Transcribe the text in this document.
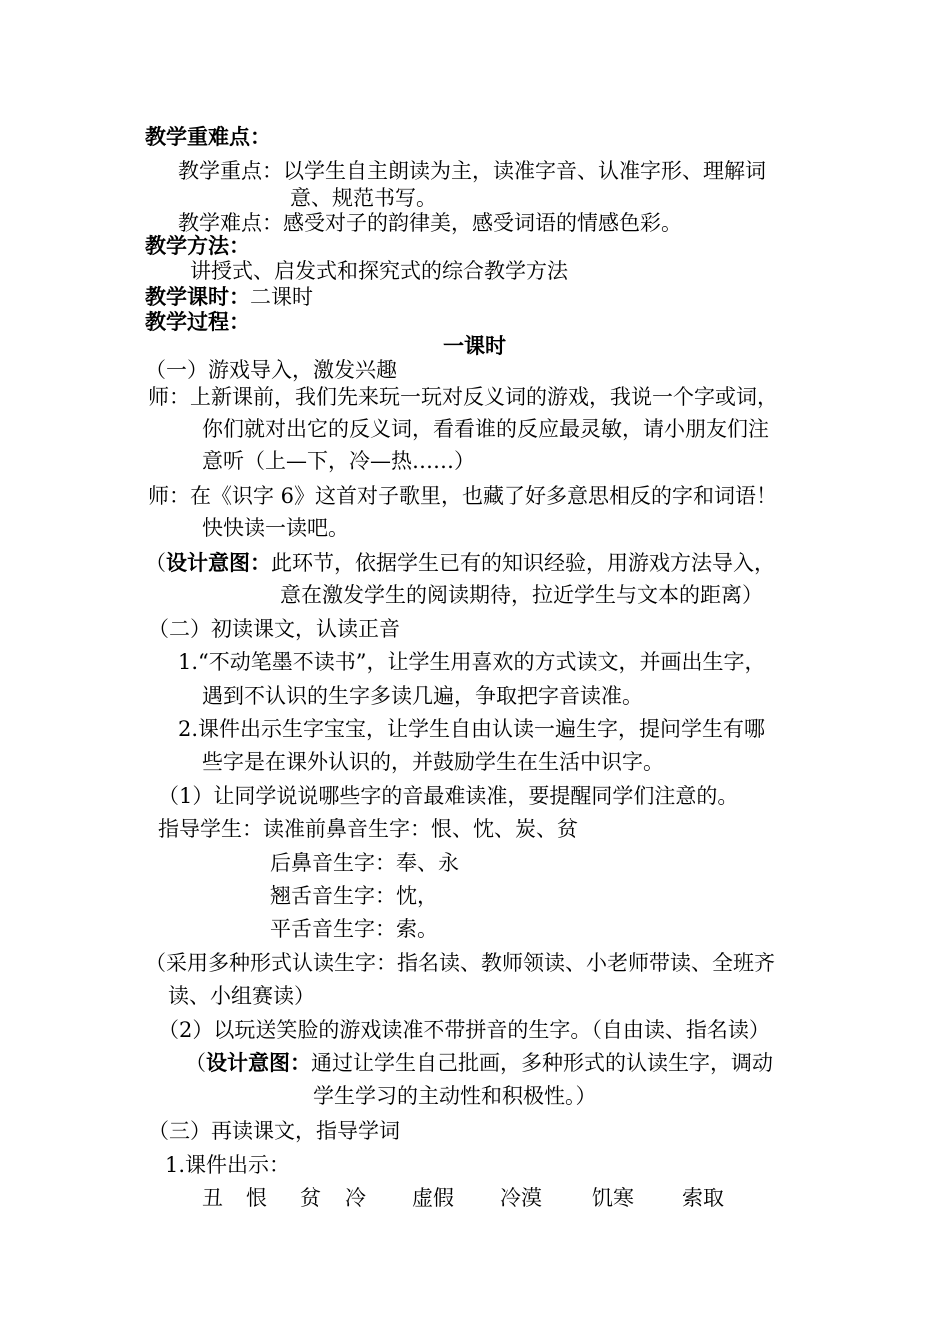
教学重难点：
教学重点：以学生自主朗读为主，读准字音、认准字形、理解词
意、规范书写。
教学难点：感受对子的韵律美，感受词语的情感色彩。
教学方法：
讲授式、启发式和探究式的综合教学方法
教学课时：二课时
教学过程：
一课时
（一）游戏导入，激发兴趣
师：上新课前，我们先来玩一玩对反义词的游戏，我说一个字或词，
你们就对出它的反义词，看看谁的反应最灵敏，请小朋友们注
意听（上—下，冷—热……）
师：在《识字 6》这首对子歌里，也藏了好多意思相反的字和词语！
快快读一读吧。
（设计意图：此环节，依据学生已有的知识经验，用游戏方法导入，
意在激发学生的阅读期待，拉近学生与文本的距离）
（二）初读课文，认读正音
1.“不动笔墨不读书”，让学生用喜欢的方式读文，并画出生字，
遇到不认识的生字多读几遍，争取把字音读准。
2.课件出示生字宝宝，让学生自由认读一遍生字，提问学生有哪
些字是在课外认识的，并鼓励学生在生活中识字。
（1）让同学说说哪些字的音最难读准，要提醒同学们注意的。
指导学生：读准前鼻音生字：恨、忱、炭、贫
后鼻音生字：奉、永
翘舌音生字：忱，
平舌音生字：索。
（采用多种形式认读生字：指名读、教师领读、小老师带读、全班齐
读、小组赛读）
（2）以玩送笑脸的游戏读准不带拼音的生字。（自由读、指名读）
（设计意图：通过让学生自己批画，多种形式的认读生字，调动
学生学习的主动性和积极性。）
（三）再读课文，指导学词
1.课件出示：
丑 恨 贫 冷 虚假 冷漠 饥寒 索取
